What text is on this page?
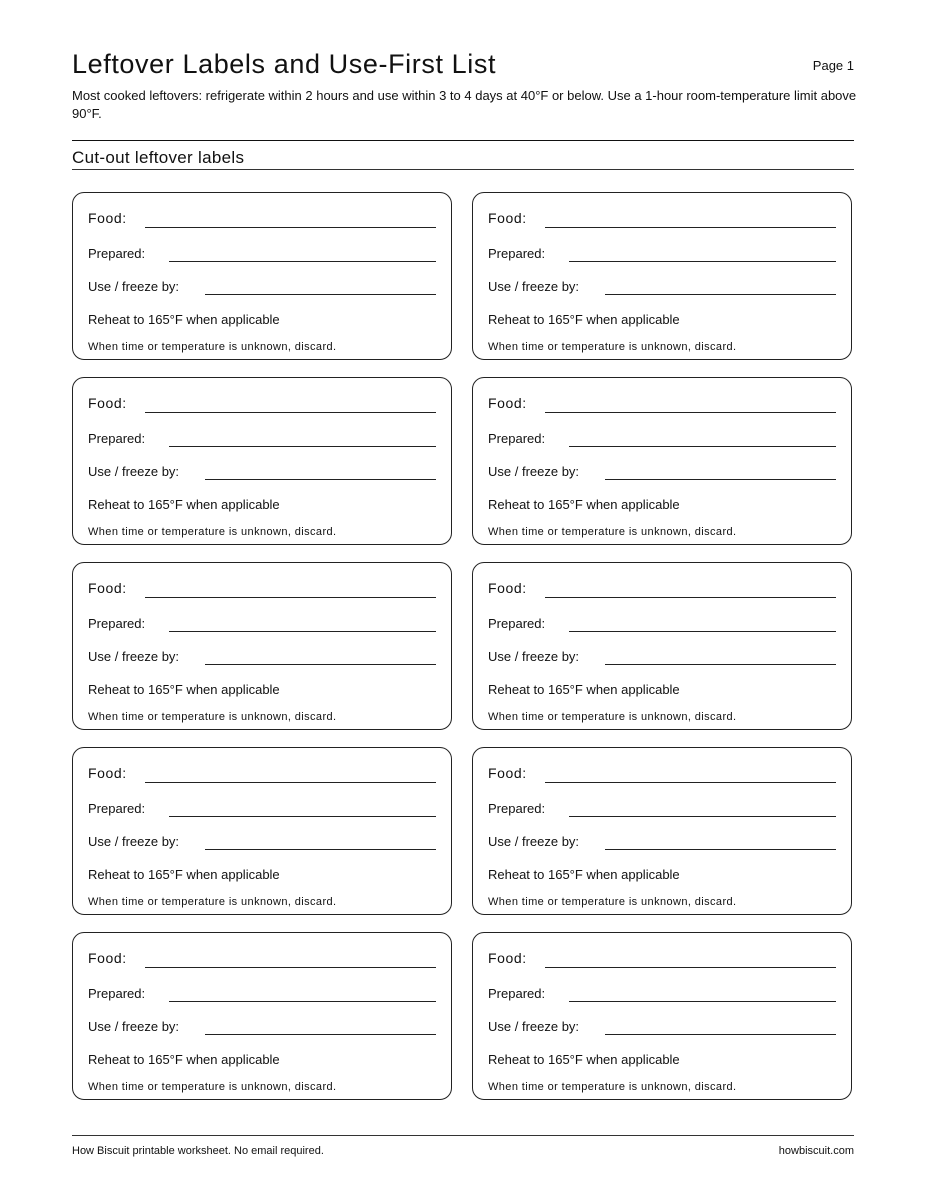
Leftover Labels and Use-First List	Page 1
Most cooked leftovers: refrigerate within 2 hours and use within 3 to 4 days at 40°F or below. Use a 1-hour room-temperature limit above 90°F.
Cut-out leftover labels
Food:
Prepared:
Use / freeze by:
Reheat to 165°F when applicable
When time or temperature is unknown, discard.
Food:
Prepared:
Use / freeze by:
Reheat to 165°F when applicable
When time or temperature is unknown, discard.
Food:
Prepared:
Use / freeze by:
Reheat to 165°F when applicable
When time or temperature is unknown, discard.
Food:
Prepared:
Use / freeze by:
Reheat to 165°F when applicable
When time or temperature is unknown, discard.
Food:
Prepared:
Use / freeze by:
Reheat to 165°F when applicable
When time or temperature is unknown, discard.
Food:
Prepared:
Use / freeze by:
Reheat to 165°F when applicable
When time or temperature is unknown, discard.
Food:
Prepared:
Use / freeze by:
Reheat to 165°F when applicable
When time or temperature is unknown, discard.
Food:
Prepared:
Use / freeze by:
Reheat to 165°F when applicable
When time or temperature is unknown, discard.
Food:
Prepared:
Use / freeze by:
Reheat to 165°F when applicable
When time or temperature is unknown, discard.
Food:
Prepared:
Use / freeze by:
Reheat to 165°F when applicable
When time or temperature is unknown, discard.
How Biscuit printable worksheet. No email required.	howbiscuit.com
